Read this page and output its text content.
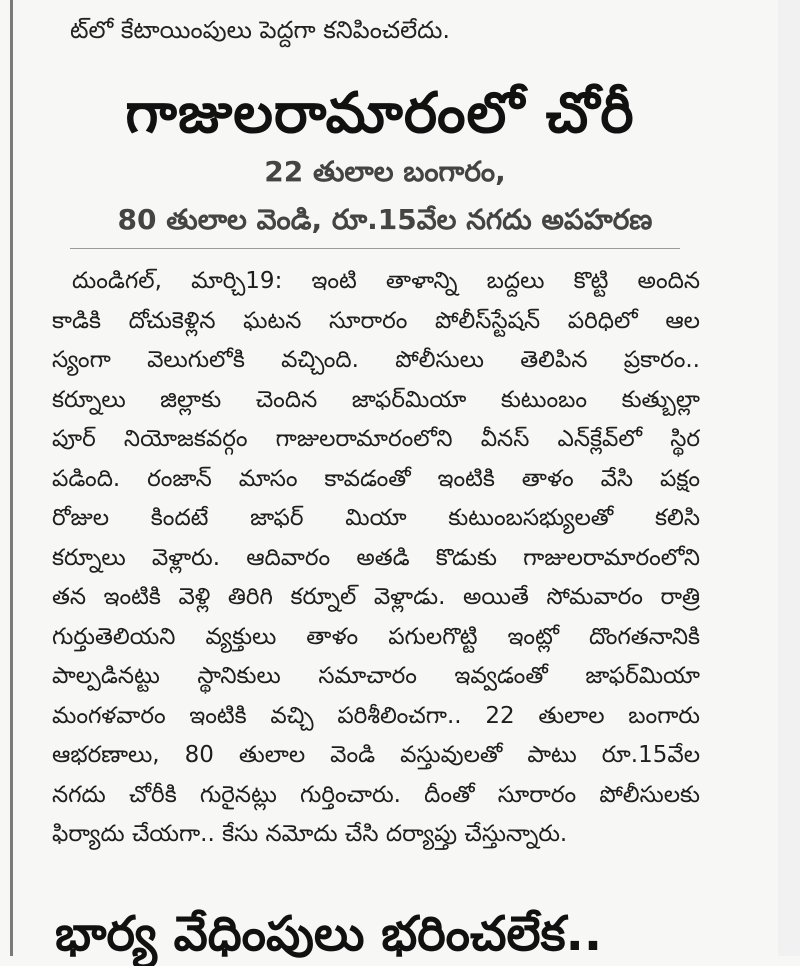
ట్‌లో కేటాయింపులు పెద్దగా కనిపించలేదు.
గాజులరామారంలో చోరీ
22 తులాల బంగారం,
80 తులాల వెండి, రూ.15వేల నగదు అపహరణ
దుండిగల్, మార్చి19: ఇంటి తాళాన్ని బద్దలు కొట్టి అందిన
కాడికి దోచుకెళ్లిన ఘటన సూరారం పోలీస్‌స్టేషన్ పరిధిలో ఆల
స్యంగా వెలుగులోకి వచ్చింది. పోలీసులు తెలిపిన ప్రకారం..
కర్నూలు జిల్లాకు చెందిన జాఫర్‌మియా కుటుంబం కుత్బుల్లా
పూర్ నియోజకవర్గం గాజులరామారంలోని వీనస్ ఎన్‌క్లేవ్‌లో స్థిర
పడింది. రంజాన్ మాసం కావడంతో ఇంటికి తాళం వేసి పక్షం
రోజుల కిందటే జాఫర్ మియా కుటుంబసభ్యులతో కలిసి
కర్నూలు వెళ్లారు. ఆదివారం అతడి కొడుకు గాజులరామారంలోని
తన ఇంటికి వెళ్లి తిరిగి కర్నూల్ వెళ్లాడు. అయితే సోమవారం రాత్రి
గుర్తుతెలియని వ్యక్తులు తాళం పగులగొట్టి ఇంట్లో దొంగతనానికి
పాల్పడినట్టు స్థానికులు సమాచారం ఇవ్వడంతో జాఫర్‌మియా
మంగళవారం ఇంటికి వచ్చి పరిశీలించగా.. 22 తులాల బంగారు
ఆభరణాలు, 80 తులాల వెండి వస్తువులతో పాటు రూ.15వేల
నగదు చోరీకి గురైనట్లు గుర్తించారు. దీంతో సూరారం పోలీసులకు
ఫిర్యాదు చేయగా.. కేసు నమోదు చేసి దర్యాప్తు చేస్తున్నారు.
భార్య వేధింపులు భరించలేక..
